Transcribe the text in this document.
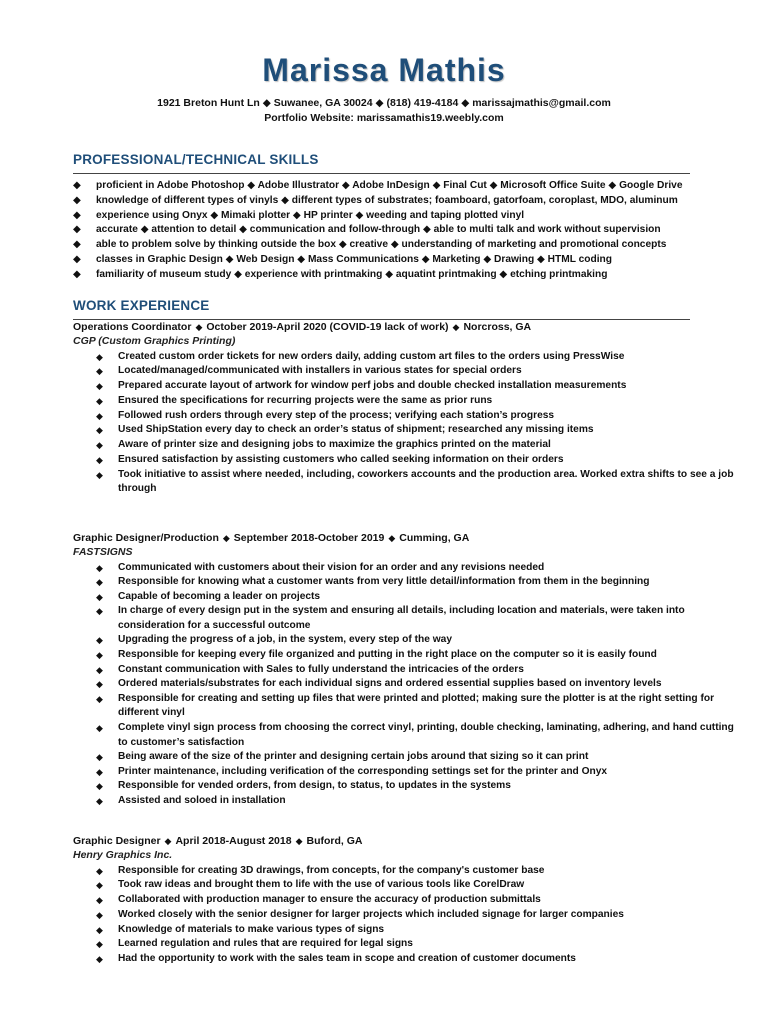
Marissa Mathis
1921 Breton Hunt Ln ◆ Suwanee, GA 30024 ◆ (818) 419-4184 ◆ marissajmathis@gmail.com
Portfolio Website: marissamathis19.weebly.com
PROFESSIONAL/TECHNICAL SKILLS
◆ proficient in Adobe Photoshop ◆ Adobe Illustrator ◆ Adobe InDesign ◆ Final Cut ◆ Microsoft Office Suite ◆ Google Drive
◆ knowledge of different types of vinyls ◆ different types of substrates; foamboard, gatorfoam, coroplast, MDO, aluminum
◆ experience using Onyx ◆ Mimaki plotter ◆ HP printer ◆ weeding and taping plotted vinyl
◆ accurate ◆ attention to detail ◆ communication and follow-through ◆ able to multi talk and work without supervision
◆ able to problem solve by thinking outside the box ◆ creative ◆ understanding of marketing and promotional concepts
◆ classes in Graphic Design ◆ Web Design ◆ Mass Communications ◆ Marketing ◆ Drawing ◆ HTML coding
◆ familiarity of museum study ◆ experience with printmaking ◆ aquatint printmaking ◆ etching printmaking
WORK EXPERIENCE
Operations Coordinator ◆ October 2019-April 2020 (COVID-19 lack of work) ◆ Norcross, GA
CGP (Custom Graphics Printing)
◆ Created custom order tickets for new orders daily, adding custom art files to the orders using PressWise
◆ Located/managed/communicated with installers in various states for special orders
◆ Prepared accurate layout of artwork for window perf jobs and double checked installation measurements
◆ Ensured the specifications for recurring projects were the same as prior runs
◆ Followed rush orders through every step of the process; verifying each station’s progress
◆ Used ShipStation every day to check an order’s status of shipment; researched any missing items
◆ Aware of printer size and designing jobs to maximize the graphics printed on the material
◆ Ensured satisfaction by assisting customers who called seeking information on their orders
◆ Took initiative to assist where needed, including, coworkers accounts and the production area. Worked extra shifts to see a job through
Graphic Designer/Production ◆ September 2018-October 2019 ◆ Cumming, GA
FASTSIGNS
◆ Communicated with customers about their vision for an order and any revisions needed
◆ Responsible for knowing what a customer wants from very little detail/information from them in the beginning
◆ Capable of becoming a leader on projects
◆ In charge of every design put in the system and ensuring all details, including location and materials, were taken into consideration for a successful outcome
◆ Upgrading the progress of a job, in the system, every step of the way
◆ Responsible for keeping every file organized and putting in the right place on the computer so it is easily found
◆ Constant communication with Sales to fully understand the intricacies of the orders
◆ Ordered materials/substrates for each individual signs and ordered essential supplies based on inventory levels
◆ Responsible for creating and setting up files that were printed and plotted; making sure the plotter is at the right setting for different vinyl
◆ Complete vinyl sign process from choosing the correct vinyl, printing, double checking, laminating, adhering, and hand cutting to customer’s satisfaction
◆ Being aware of the size of the printer and designing certain jobs around that sizing so it can print
◆ Printer maintenance, including verification of the corresponding settings set for the printer and Onyx
◆ Responsible for vended orders, from design, to status, to updates in the systems
◆ Assisted and soloed in installation
Graphic Designer ◆ April 2018-August 2018 ◆ Buford, GA
Henry Graphics Inc.
◆ Responsible for creating 3D drawings, from concepts, for the company's customer base
◆ Took raw ideas and brought them to life with the use of various tools like CorelDraw
◆ Collaborated with production manager to ensure the accuracy of production submittals
◆ Worked closely with the senior designer for larger projects which included signage for larger companies
◆ Knowledge of materials to make various types of signs
◆ Learned regulation and rules that are required for legal signs
◆ Had the opportunity to work with the sales team in scope and creation of customer documents
